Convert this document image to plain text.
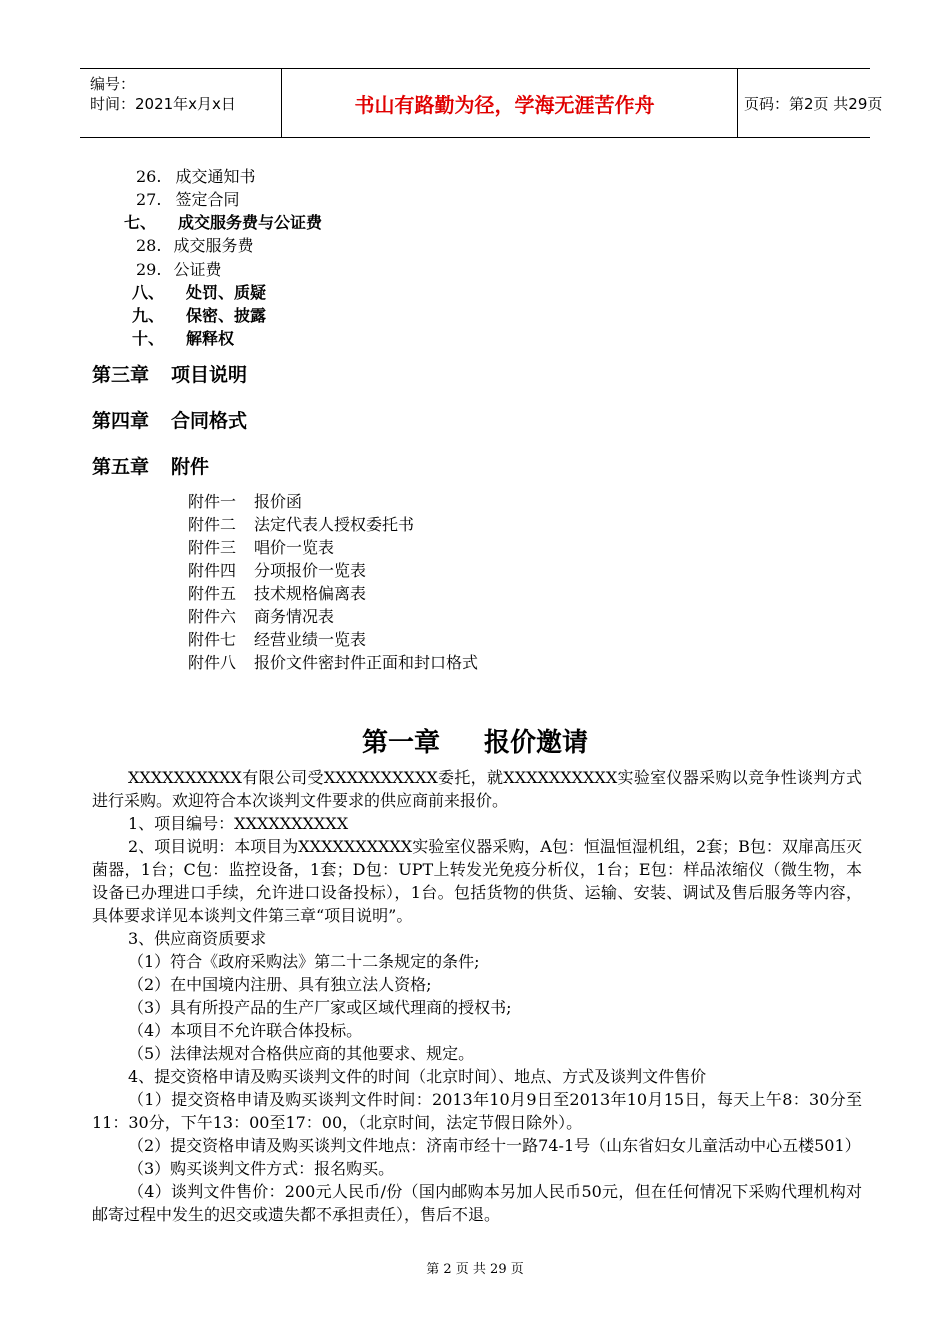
编号：
时间：2021年x月x日	书山有路勤为径，学海无涯苦作舟	页码：第2页 共29页
26. 成交通知书
27. 签定合同
七、 成交服务费与公证费
28. 成交服务费
29. 公证费
八、 处罚、质疑
九、 保密、披露
十、 解释权
第三章 项目说明
第四章 合同格式
第五章 附件
附件一 报价函
附件二 法定代表人授权委托书
附件三 唱价一览表
附件四 分项报价一览表
附件五 技术规格偏离表
附件六 商务情况表
附件七 经营业绩一览表
附件八 报价文件密封件正面和封口格式
第一章 报价邀请

XXXXXXXXXX有限公司受XXXXXXXXXX委托，就XXXXXXXXXX实验室仪器采购以竞争性谈判方式进行采购。欢迎符合本次谈判文件要求的供应商前来报价。

1、项目编号：XXXXXXXXXX

2、项目说明：本项目为XXXXXXXXXX实验室仪器采购，A包：恒温恒湿机组，2套；B包：双扉高压灭菌器，1台；C包：监控设备，1套；D包：UPT上转发光免疫分析仪，1台；E包：样品浓缩仪（微生物，本设备已办理进口手续，允许进口设备投标），1台。包括货物的供货、运输、安装、调试及售后服务等内容，具体要求详见本谈判文件第三章“项目说明”。

3、供应商资质要求

（1）符合《政府采购法》第二十二条规定的条件;

（2）在中国境内注册、具有独立法人资格;

（3）具有所投产品的生产厂家或区域代理商的授权书;

（4）本项目不允许联合体投标。

（5）法律法规对合格供应商的其他要求、规定。

4、提交资格申请及购买谈判文件的时间（北京时间）、地点、方式及谈判文件售价

（1）提交资格申请及购买谈判文件时间：2013年10月9日至2013年10月15日，每天上午8：30分至11：30分，下午13：00至17：00，（北京时间，法定节假日除外）。

（2）提交资格申请及购买谈判文件地点：济南市经十一路74-1号（山东省妇女儿童活动中心五楼501）

（3）购买谈判文件方式：报名购买。

（4）谈判文件售价：200元人民币/份（国内邮购本另加人民币50元，但在任何情况下采购代理机构对邮寄过程中发生的迟交或遗失都不承担责任），售后不退。

第 2 页 共 29 页
